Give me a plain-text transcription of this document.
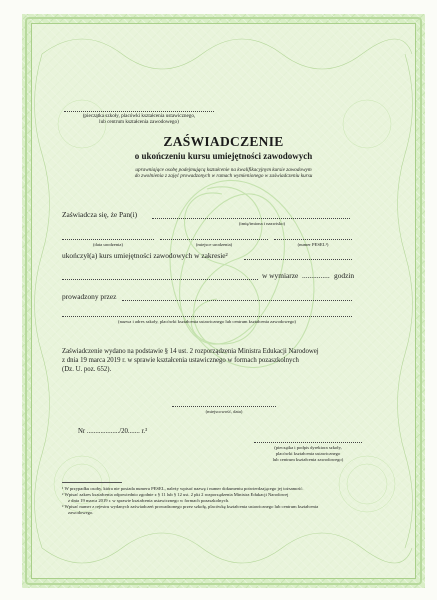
(pieczątka szkoły, placówki kształcenia ustawicznego,

lub centrum kształcenia zawodowego)

ZAŚWIADCZENIE

o ukończeniu kursu umiejętności zawodowych

uprawniające osobę podejmującą kształcenie na kwalifikacyjnym kursie zawodowym

do zwolnienia z zajęć prowadzonych w ramach wymienionego w zaświadczeniu kursu

Zaświadcza się, że Pan(i)

(imię/imiona i nazwisko)

(data urodzenia)	(miejsce urodzenia)	(numer PESEL¹)

ukończył(a) kurs umiejętności zawodowych w zakresie²

w wymiarze ............... godzin

prowadzony przez

(nazwa i adres szkoły, placówki kształcenia ustawicznego lub centrum kształcenia zawodowego)

Zaświadczenie wydano na podstawie § 14 ust. 2 rozporządzenia Ministra Edukacji Narodowej

z dnia 19 marca 2019 r. w sprawie kształcenia ustawicznego w formach pozaszkolnych

(Dz. U. poz. 652).

(miejscowość, data)

Nr .................../20....... r.³

(pieczątka i podpis dyrektora szkoły,

placówki kształcenia ustawicznego

lub centrum kształcenia zawodowego)

¹ W przypadku osoby, która nie posiada numeru PESEL, należy wpisać nazwę i numer dokumentu potwierdzającego jej tożsamość.

² Wpisać zakres kształcenia odpowiednio zgodnie z § 11 lub § 12 ust. 2 pkt 2 rozporządzenia Ministra Edukacji Narodowej

z dnia 19 marca 2019 r. w sprawie kształcenia ustawicznego w formach pozaszkolnych.

³ Wpisać numer z rejestru wydanych zaświadczeń prowadzonego przez szkołę, placówkę kształcenia ustawicznego lub centrum kształcenia

zawodowego.
